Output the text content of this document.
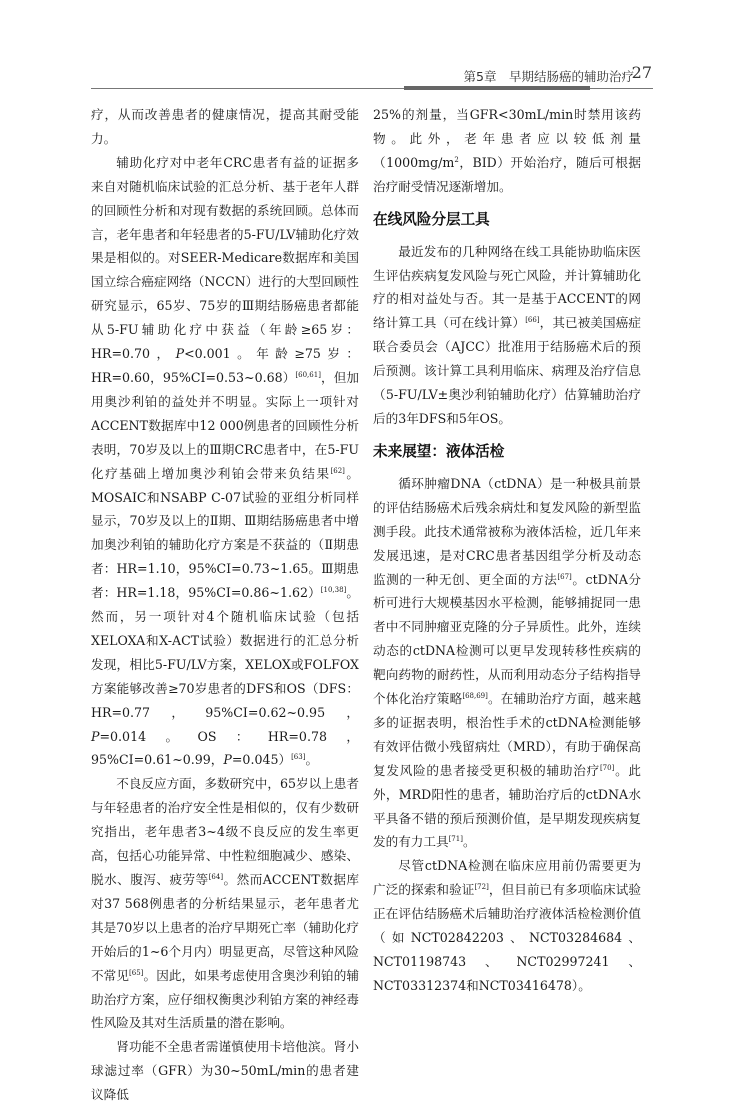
第5章　早期结肠癌的辅助治疗
27

疗，从而改善患者的健康情况，提高其耐受能力。

辅助化疗对中老年CRC患者有益的证据多来自对随机临床试验的汇总分析、基于老年人群的回顾性分析和对现有数据的系统回顾。总体而言，老年患者和年轻患者的5-FU/LV辅助化疗效果是相似的。对SEER-Medicare数据库和美国国立综合癌症网络（NCCN）进行的大型回顾性研究显示，65岁、75岁的Ⅲ期结肠癌患者都能从5-FU辅助化疗中获益（年龄≥65岁：HR=0.70，P<0.001。年龄≥75岁：HR=0.60，95%CI=0.53~0.68）[60,61]，但加用奥沙利铂的益处并不明显。实际上一项针对ACCENT数据库中12 000例患者的回顾性分析表明，70岁及以上的Ⅲ期CRC患者中，在5-FU化疗基础上增加奥沙利铂会带来负结果[62]。MOSAIC和NSABP C-07试验的亚组分析同样显示，70岁及以上的Ⅱ期、Ⅲ期结肠癌患者中增加奥沙利铂的辅助化疗方案是不获益的（Ⅱ期患者：HR=1.10，95%CI=0.73~1.65。Ⅲ期患者：HR=1.18，95%CI=0.86~1.62）[10,38]。然而，另一项针对4个随机临床试验（包括XELOXA和X-ACT试验）数据进行的汇总分析发现，相比5-FU/LV方案，XELOX或FOLFOX方案能够改善≥70岁患者的DFS和OS（DFS：HR=0.77，95%CI=0.62~0.95，P=0.014。OS：HR=0.78，95%CI=0.61~0.99，P=0.045）[63]。

不良反应方面，多数研究中，65岁以上患者与年轻患者的治疗安全性是相似的，仅有少数研究指出，老年患者3~4级不良反应的发生率更高，包括心功能异常、中性粒细胞减少、感染、脱水、腹泻、疲劳等[64]。然而ACCENT数据库对37 568例患者的分析结果显示，老年患者尤其是70岁以上患者的治疗早期死亡率（辅助化疗开始后的1~6个月内）明显更高，尽管这种风险不常见[65]。因此，如果考虑使用含奥沙利铂的辅助治疗方案，应仔细权衡奥沙利铂方案的神经毒性风险及其对生活质量的潜在影响。

肾功能不全患者需谨慎使用卡培他滨。肾小球滤过率（GFR）为30~50mL/min的患者建议降低

25%的剂量，当GFR<30mL/min时禁用该药物。此外，老年患者应以较低剂量（$1000mg/m^2$，BID）开始治疗，随后可根据治疗耐受情况逐渐增加。

在线风险分层工具

最近发布的几种网络在线工具能协助临床医生评估疾病复发风险与死亡风险，并计算辅助化疗的相对益处与否。其一是基于ACCENT的网络计算工具（可在线计算）[66]，其已被美国癌症联合委员会（AJCC）批准用于结肠癌术后的预后预测。该计算工具利用临床、病理及治疗信息（5-FU/LV±奥沙利铂辅助化疗）估算辅助治疗后的3年DFS和5年OS。

未来展望：液体活检

循环肿瘤DNA（ctDNA）是一种极具前景的评估结肠癌术后残余病灶和复发风险的新型监测手段。此技术通常被称为液体活检，近几年来发展迅速，是对CRC患者基因组学分析及动态监测的一种无创、更全面的方法[67]。ctDNA分析可进行大规模基因水平检测，能够捕捉同一患者中不同肿瘤亚克隆的分子异质性。此外，连续动态的ctDNA检测可以更早发现转移性疾病的靶向药物的耐药性，从而利用动态分子结构指导个体化治疗策略[68,69]。在辅助治疗方面，越来越多的证据表明，根治性手术的ctDNA检测能够有效评估微小残留病灶（MRD），有助于确保高复发风险的患者接受更积极的辅助治疗[70]。此外，MRD阳性的患者，辅助治疗后的ctDNA水平具备不错的预后预测价值，是早期发现疾病复发的有力工具[71]。

尽管ctDNA检测在临床应用前仍需要更为广泛的探索和验证[72]，但目前已有多项临床试验正在评估结肠癌术后辅助治疗液体活检检测价值（如NCT02842203、NCT03284684、NCT01198743、NCT02997241、NCT03312374和NCT03416478）。
